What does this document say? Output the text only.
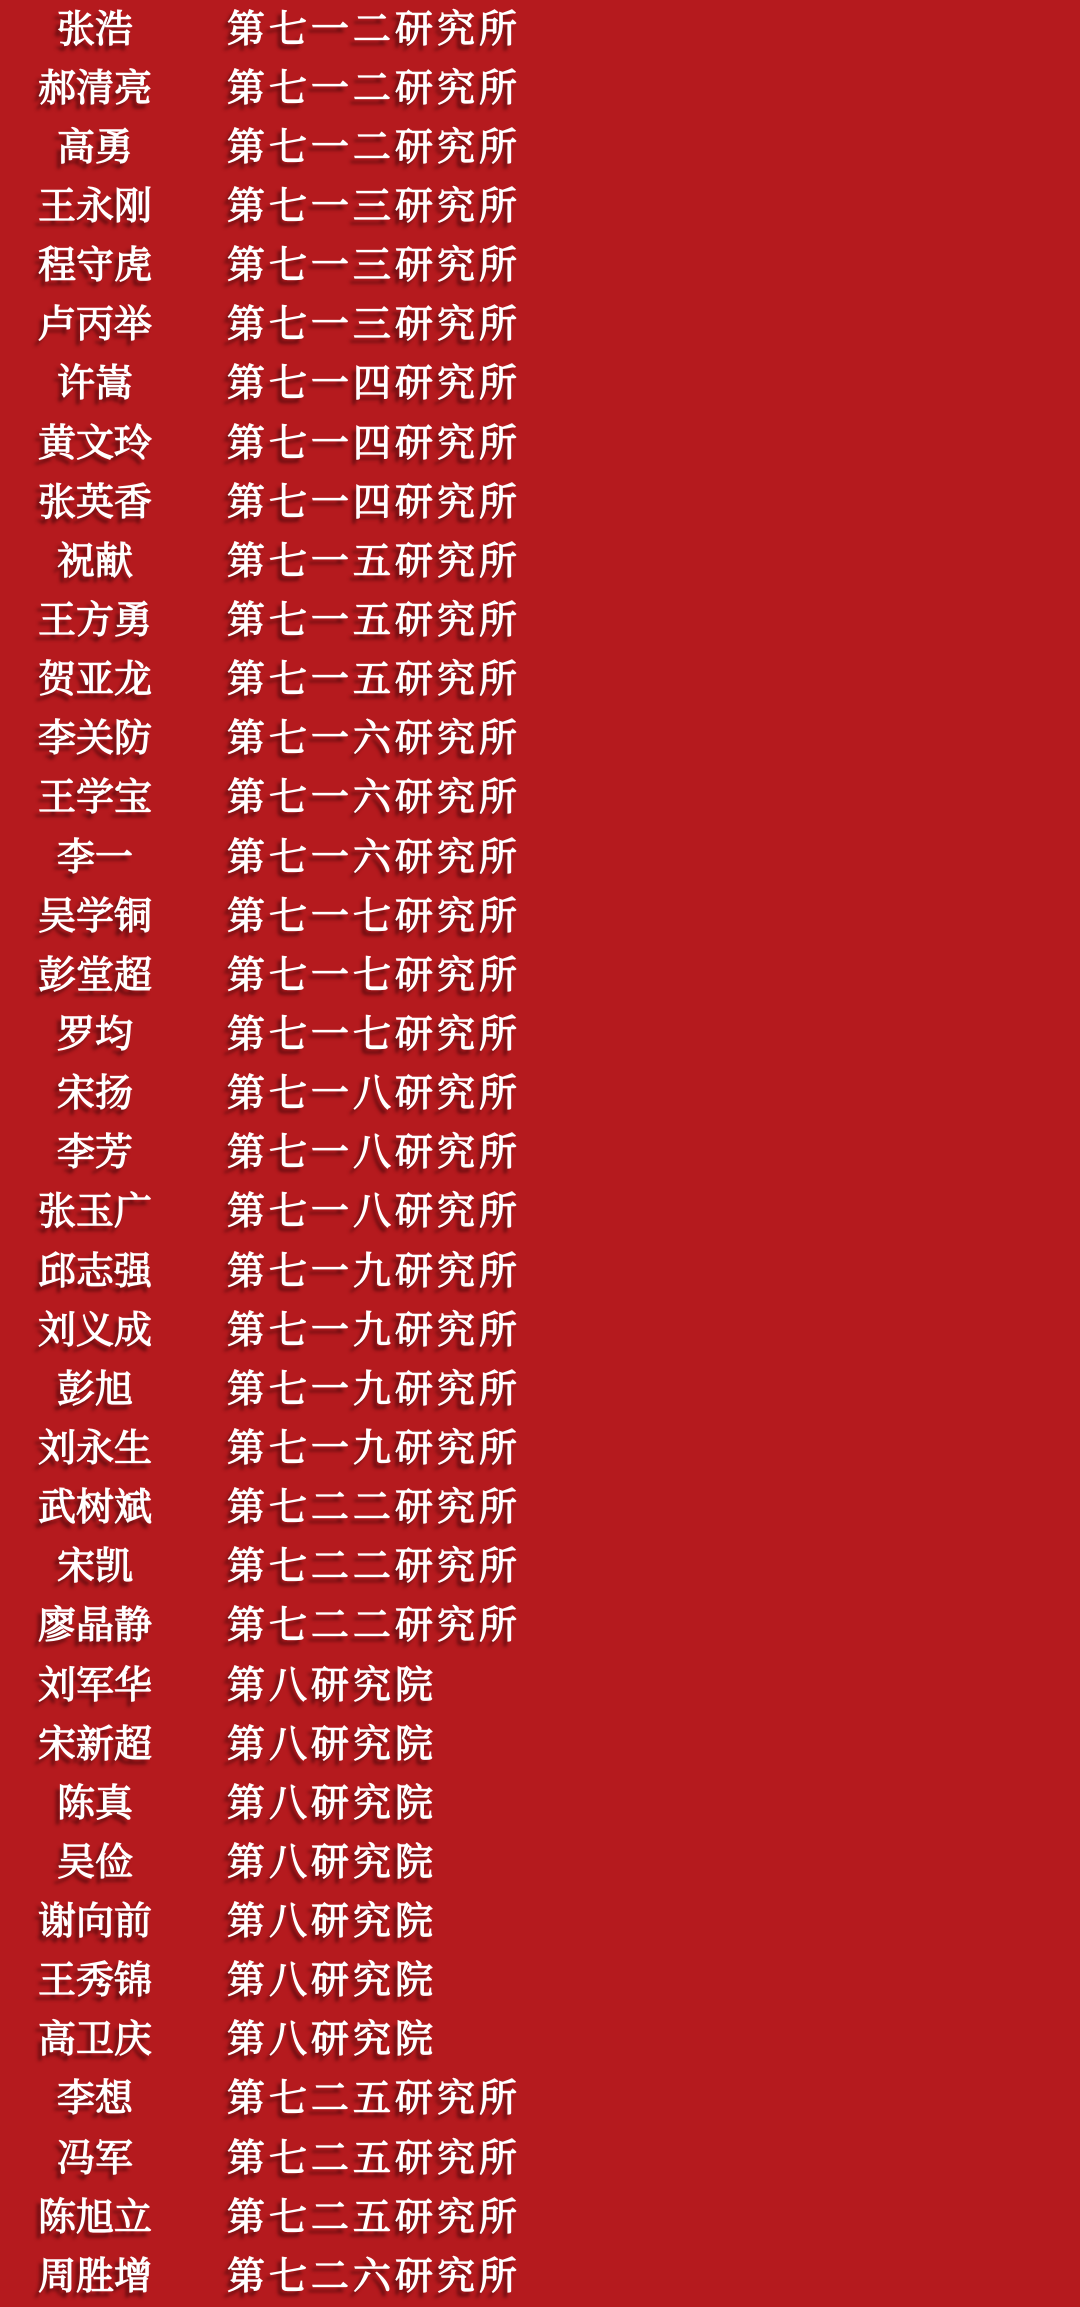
张浩	第七一二研究所
郝清亮	第七一二研究所
高勇	第七一二研究所
王永刚	第七一三研究所
程守虎	第七一三研究所
卢丙举	第七一三研究所
许嵩	第七一四研究所
黄文玲	第七一四研究所
张英香	第七一四研究所
祝献	第七一五研究所
王方勇	第七一五研究所
贺亚龙	第七一五研究所
李关防	第七一六研究所
王学宝	第七一六研究所
李一	第七一六研究所
吴学铜	第七一七研究所
彭堂超	第七一七研究所
罗均	第七一七研究所
宋扬	第七一八研究所
李芳	第七一八研究所
张玉广	第七一八研究所
邱志强	第七一九研究所
刘义成	第七一九研究所
彭旭	第七一九研究所
刘永生	第七一九研究所
武树斌	第七二二研究所
宋凯	第七二二研究所
廖晶静	第七二二研究所
刘军华	第八研究院
宋新超	第八研究院
陈真	第八研究院
吴俭	第八研究院
谢向前	第八研究院
王秀锦	第八研究院
高卫庆	第八研究院
李想	第七二五研究所
冯军	第七二五研究所
陈旭立	第七二五研究所
周胜增	第七二六研究所
